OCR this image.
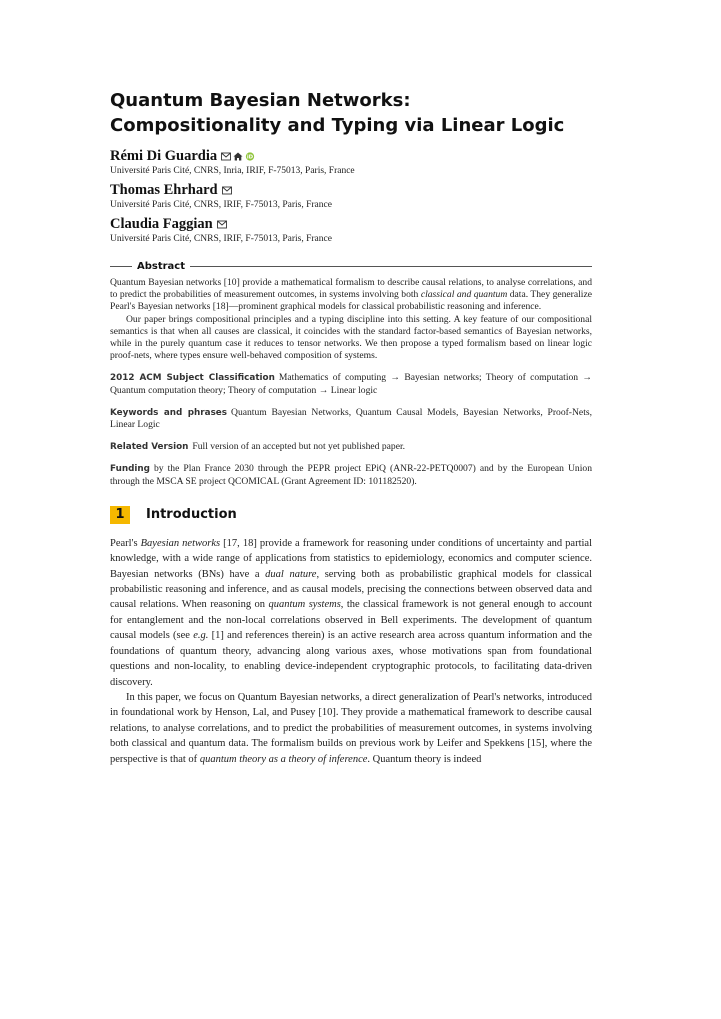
Quantum Bayesian Networks:
Compositionality and Typing via Linear Logic
Rémi Di Guardia	iD
Université Paris Cité, CNRS, Inria, IRIF, F-75013, Paris, France
Thomas Ehrhard
Université Paris Cité, CNRS, IRIF, F-75013, Paris, France
Claudia Faggian
Université Paris Cité, CNRS, IRIF, F-75013, Paris, France
Abstract

Quantum Bayesian networks [10] provide a mathematical formalism to describe causal relations, to analyse correlations, and to predict the probabilities of measurement outcomes, in systems involving both classical and quantum data. They generalize Pearl's Bayesian networks [18]—prominent graphical models for classical probabilistic reasoning and inference.

Our paper brings compositional principles and a typing discipline into this setting. A key feature of our compositional semantics is that when all causes are classical, it coincides with the standard factor-based semantics of Bayesian networks, while in the purely quantum case it reduces to tensor networks. We then propose a typed formalism based on linear logic proof-nets, where types ensure well-behaved composition of systems.

2012 ACM Subject Classification Mathematics of computing → Bayesian networks; Theory of computation → Quantum computation theory; Theory of computation → Linear logic
Keywords and phrases Quantum Bayesian Networks, Quantum Causal Models, Bayesian Networks, Proof-Nets, Linear Logic
Related Version Full version of an accepted but not yet published paper.
Funding by the Plan France 2030 through the PEPR project EPiQ (ANR-22-PETQ0007) and by the European Union through the MSCA SE project QCOMICAL (Grant Agreement ID: 101182520).
1	Introduction

Pearl's Bayesian networks [17, 18] provide a framework for reasoning under conditions of uncertainty and partial knowledge, with a wide range of applications from statistics to epidemiology, economics and computer science. Bayesian networks (BNs) have a dual nature, serving both as probabilistic graphical models for classical probabilistic reasoning and inference, and as causal models, precising the connections between observed data and causal relations. When reasoning on quantum systems, the classical framework is not general enough to account for entanglement and the non-local correlations observed in Bell experiments. The development of quantum causal models (see e.g. [1] and references therein) is an active research area across quantum information and the foundations of quantum theory, advancing along various axes, whose motivations span from foundational questions and non-locality, to enabling device-independent cryptographic protocols, to facilitating data-driven discovery.

In this paper, we focus on Quantum Bayesian networks, a direct generalization of Pearl's networks, introduced in foundational work by Henson, Lal, and Pusey [10]. They provide a mathematical framework to describe causal relations, to analyse correlations, and to predict the probabilities of measurement outcomes, in systems involving both classical and quantum data. The formalism builds on previous work by Leifer and Spekkens [15], where the perspective is that of quantum theory as a theory of inference. Quantum theory is indeed
